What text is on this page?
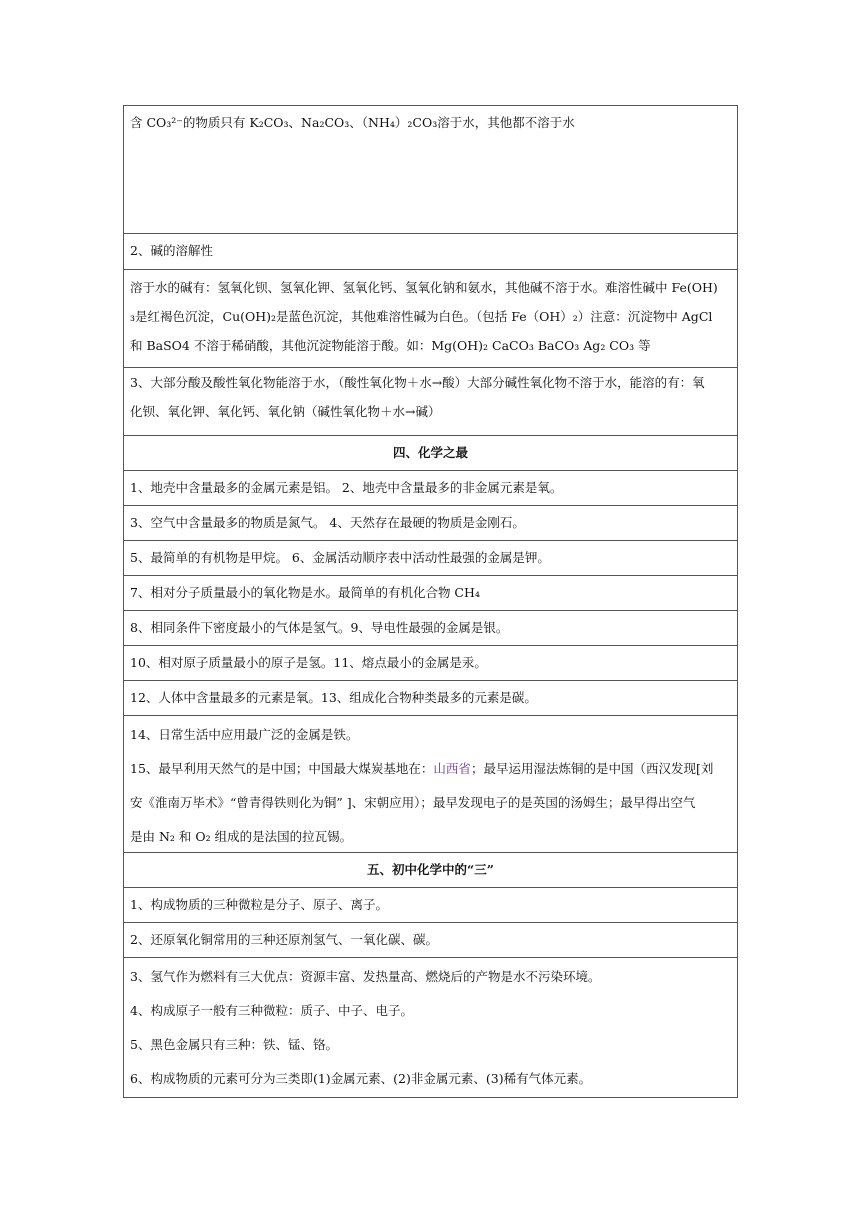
含 CO₃²⁻的物质只有 K₂CO₃、Na₂CO₃、（NH₄）₂CO₃溶于水，其他都不溶于水

2、碱的溶解性

溶于水的碱有：氢氧化钡、氢氧化钾、氢氧化钙、氢氧化钠和氨水，其他碱不溶于水。难溶性碱中 Fe(OH)

₃是红褐色沉淀，Cu(OH)₂是蓝色沉淀，其他难溶性碱为白色。（包括 Fe（OH）₂）注意：沉淀物中 AgCl

和 BaSO4 不溶于稀硝酸，其他沉淀物能溶于酸。如：Mg(OH)₂ CaCO₃ BaCO₃ Ag₂ CO₃ 等

3、大部分酸及酸性氧化物能溶于水，（酸性氧化物＋水→酸）大部分碱性氧化物不溶于水，能溶的有：氧

化钡、氧化钾、氧化钙、氧化钠（碱性氧化物＋水→碱）

四、化学之最

1、地壳中含量最多的金属元素是铝。 2、地壳中含量最多的非金属元素是氧。

3、空气中含量最多的物质是氮气。 4、天然存在最硬的物质是金刚石。

5、最简单的有机物是甲烷。 6、金属活动顺序表中活动性最强的金属是钾。

7、相对分子质量最小的氧化物是水。最简单的有机化合物 CH₄

8、相同条件下密度最小的气体是氢气。9、导电性最强的金属是银。

10、相对原子质量最小的原子是氢。11、熔点最小的金属是汞。

12、人体中含量最多的元素是氧。13、组成化合物种类最多的元素是碳。

14、日常生活中应用最广泛的金属是铁。

15、最早利用天然气的是中国；中国最大煤炭基地在：山西省；最早运用湿法炼铜的是中国（西汉发现[刘

安《淮南万毕术》“曾青得铁则化为铜” ]、宋朝应用）；最早发现电子的是英国的汤姆生；最早得出空气

是由 N₂ 和 O₂ 组成的是法国的拉瓦锡。

五、初中化学中的“三”

1、构成物质的三种微粒是分子、原子、离子。

2、还原氧化铜常用的三种还原剂氢气、一氧化碳、碳。

3、氢气作为燃料有三大优点：资源丰富、发热量高、燃烧后的产物是水不污染环境。

4、构成原子一般有三种微粒：质子、中子、电子。

5、黑色金属只有三种：铁、锰、铬。

6、构成物质的元素可分为三类即(1)金属元素、(2)非金属元素、(3)稀有气体元素。
